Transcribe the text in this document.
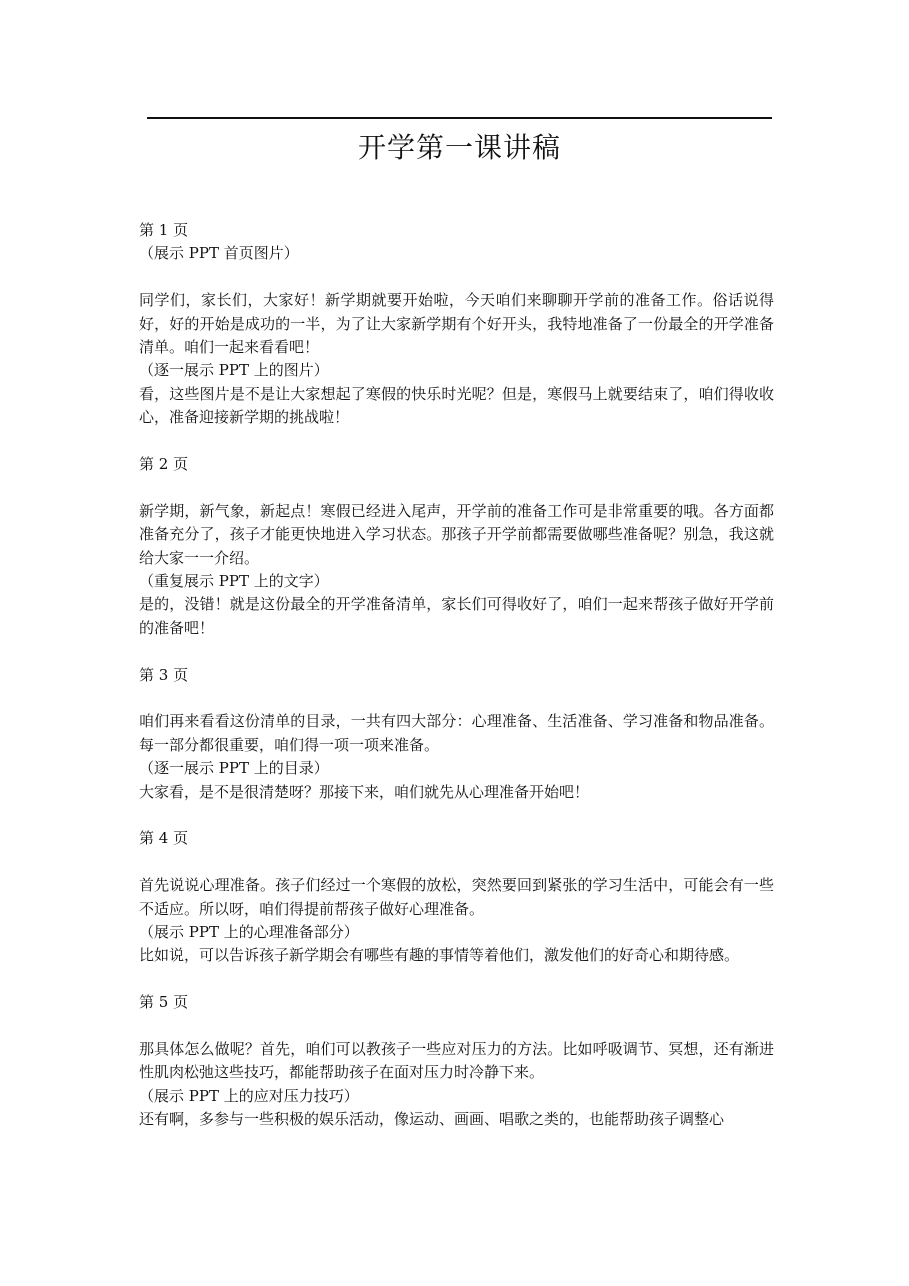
开学第一课讲稿

第 1 页

（展示 PPT 首页图片）

同学们，家长们，大家好！新学期就要开始啦，今天咱们来聊聊开学前的准备工作。俗话说得好，好的开始是成功的一半，为了让大家新学期有个好开头，我特地准备了一份最全的开学准备清单。咱们一起来看看吧！

（逐一展示 PPT 上的图片）

看，这些图片是不是让大家想起了寒假的快乐时光呢？但是，寒假马上就要结束了，咱们得收收心，准备迎接新学期的挑战啦！

第 2 页

新学期，新气象，新起点！寒假已经进入尾声，开学前的准备工作可是非常重要的哦。各方面都准备充分了，孩子才能更快地进入学习状态。那孩子开学前都需要做哪些准备呢？别急，我这就给大家一一介绍。

（重复展示 PPT 上的文字）

是的，没错！就是这份最全的开学准备清单，家长们可得收好了，咱们一起来帮孩子做好开学前的准备吧！

第 3 页

咱们再来看看这份清单的目录，一共有四大部分：心理准备、生活准备、学习准备和物品准备。每一部分都很重要，咱们得一项一项来准备。

（逐一展示 PPT 上的目录）

大家看，是不是很清楚呀？那接下来，咱们就先从心理准备开始吧！

第 4 页

首先说说心理准备。孩子们经过一个寒假的放松，突然要回到紧张的学习生活中，可能会有一些不适应。所以呀，咱们得提前帮孩子做好心理准备。

（展示 PPT 上的心理准备部分）

比如说，可以告诉孩子新学期会有哪些有趣的事情等着他们，激发他们的好奇心和期待感。

第 5 页

那具体怎么做呢？首先，咱们可以教孩子一些应对压力的方法。比如呼吸调节、冥想，还有渐进性肌肉松弛这些技巧，都能帮助孩子在面对压力时冷静下来。

（展示 PPT 上的应对压力技巧）

还有啊，多参与一些积极的娱乐活动，像运动、画画、唱歌之类的，也能帮助孩子调整心
